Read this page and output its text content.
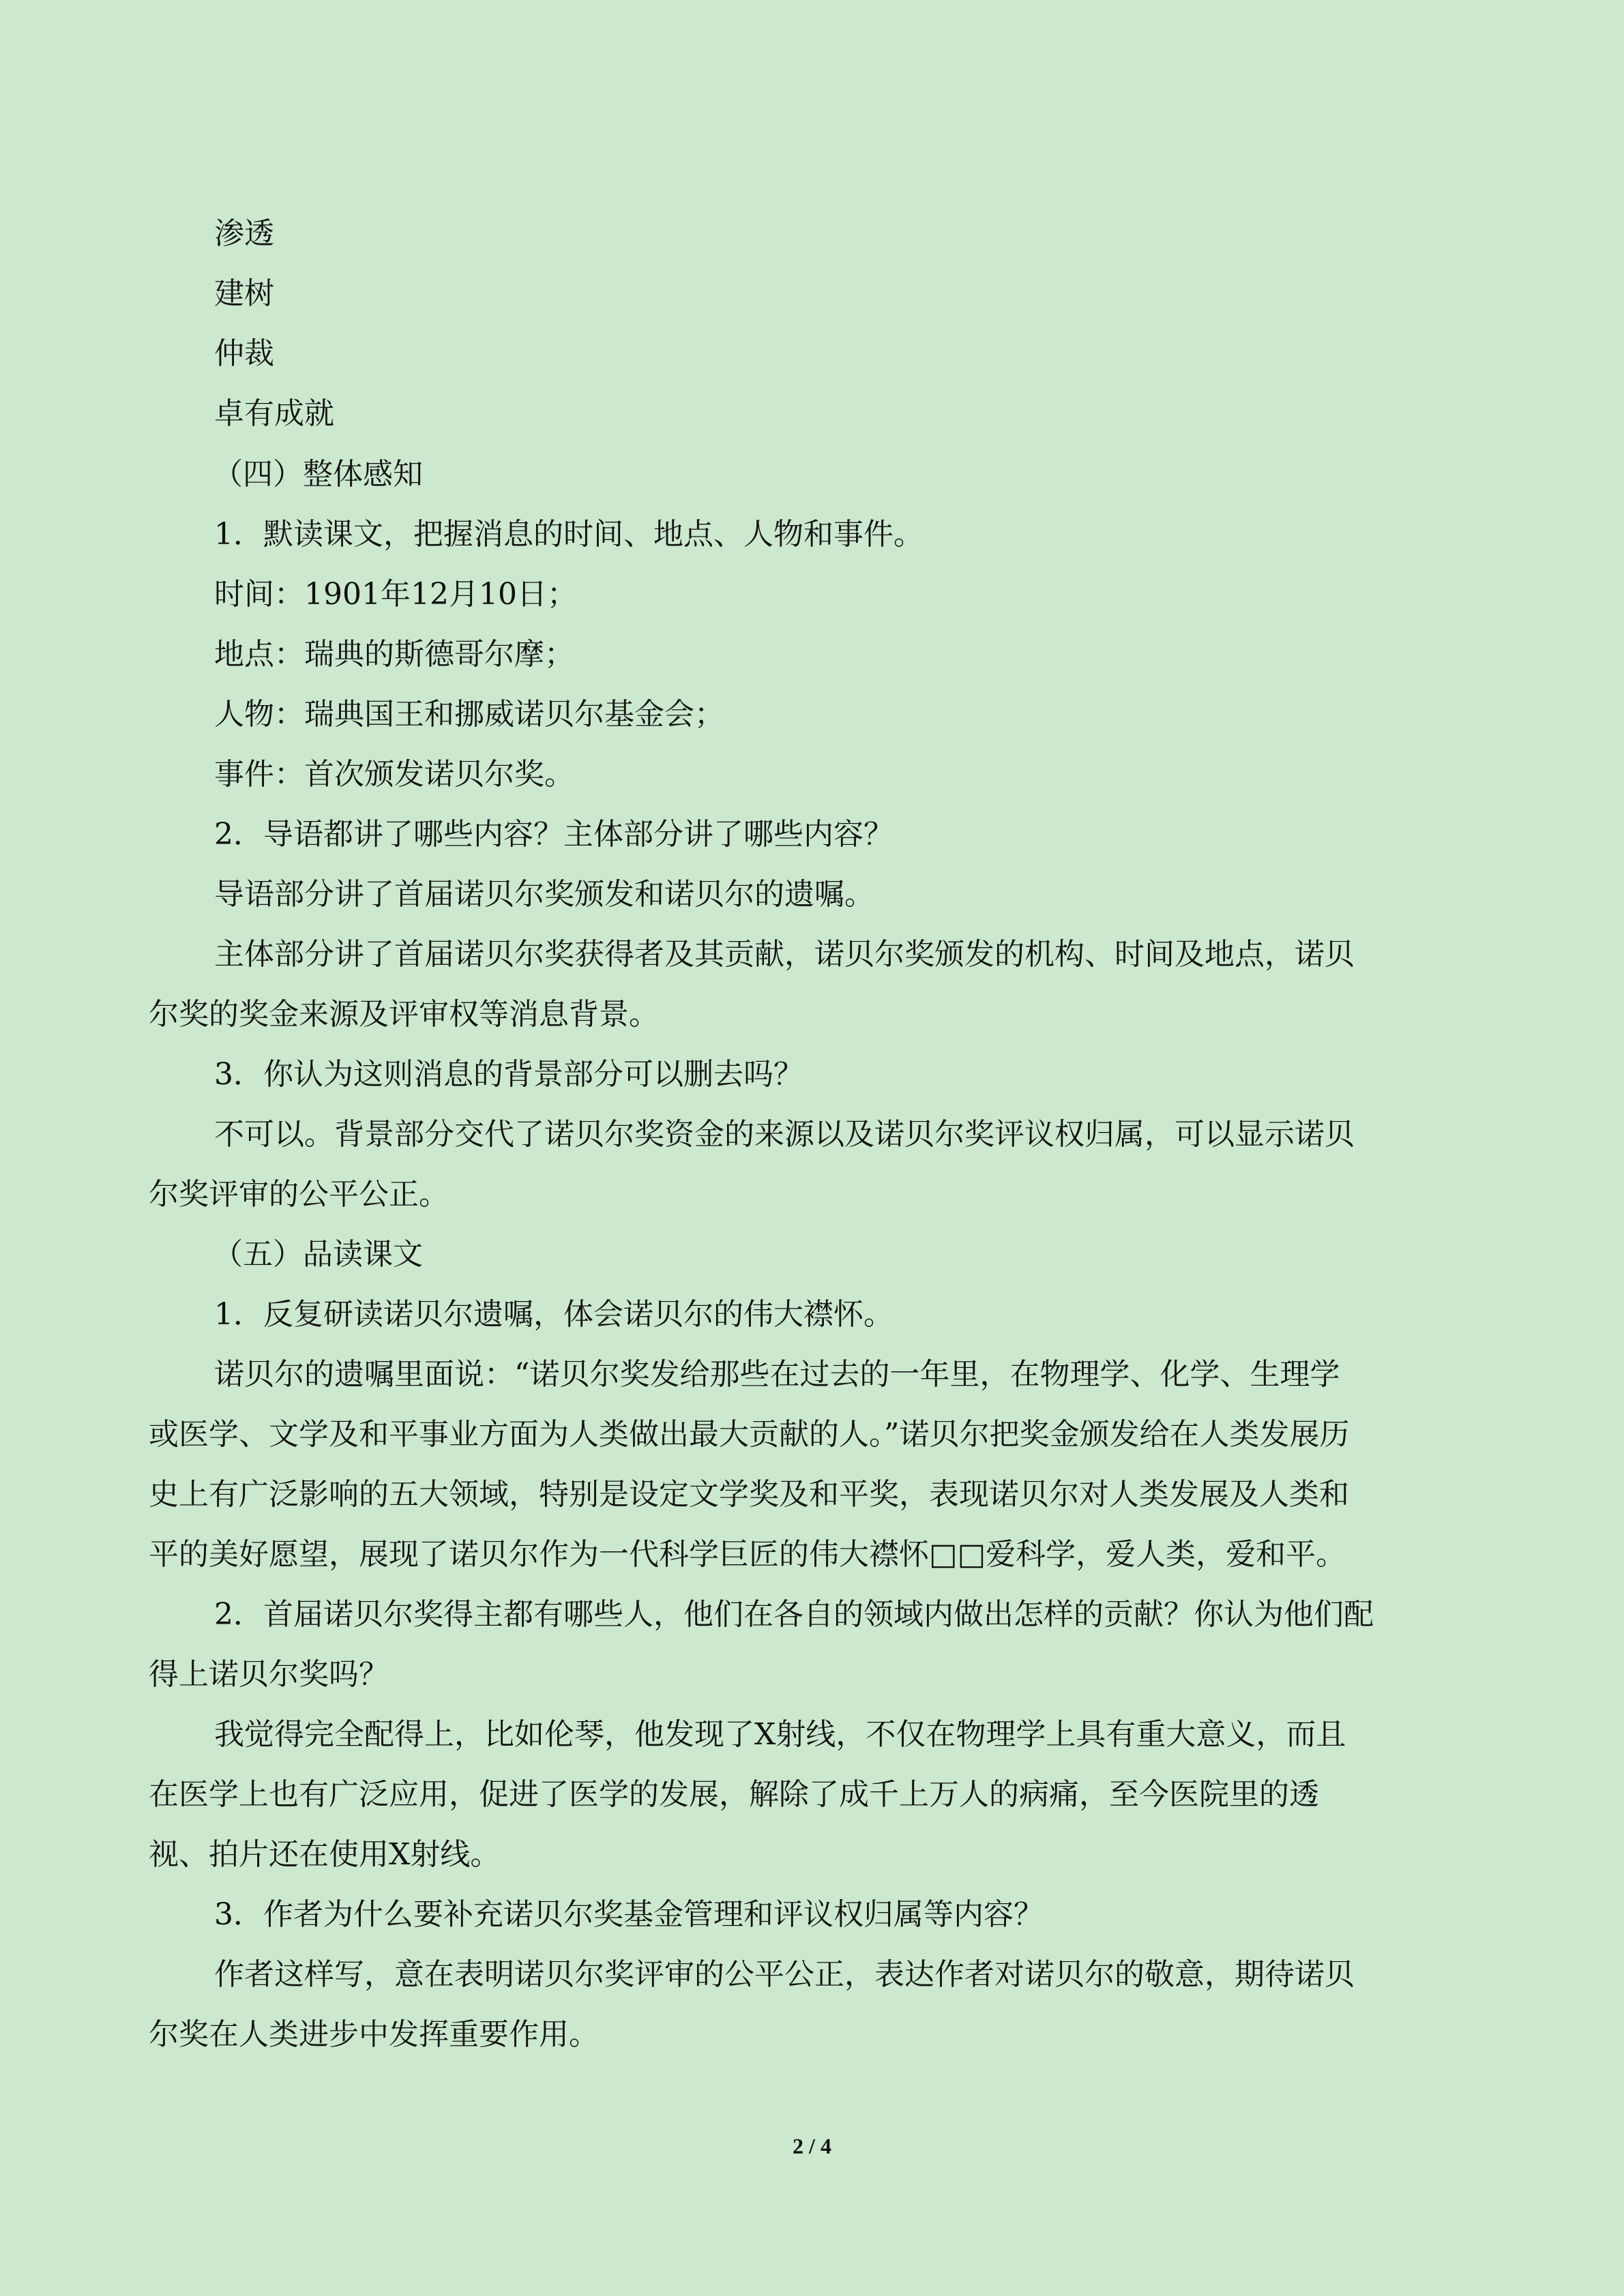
渗透
建树
仲裁
卓有成就
（四）整体感知
1．默读课文，把握消息的时间、地点、人物和事件。
时间：1901年12月10日；
地点：瑞典的斯德哥尔摩；
人物：瑞典国王和挪威诺贝尔基金会；
事件：首次颁发诺贝尔奖。
2．导语都讲了哪些内容？主体部分讲了哪些内容？
导语部分讲了首届诺贝尔奖颁发和诺贝尔的遗嘱。
主体部分讲了首届诺贝尔奖获得者及其贡献，诺贝尔奖颁发的机构、时间及地点，诺贝
尔奖的奖金来源及评审权等消息背景。
3．你认为这则消息的背景部分可以删去吗？
不可以。背景部分交代了诺贝尔奖资金的来源以及诺贝尔奖评议权归属，可以显示诺贝
尔奖评审的公平公正。
（五）品读课文
1．反复研读诺贝尔遗嘱，体会诺贝尔的伟大襟怀。
诺贝尔的遗嘱里面说：“诺贝尔奖发给那些在过去的一年里，在物理学、化学、生理学
或医学、文学及和平事业方面为人类做出最大贡献的人。”诺贝尔把奖金颁发给在人类发展历
史上有广泛影响的五大领域，特别是设定文学奖及和平奖，表现诺贝尔对人类发展及人类和
平的美好愿望，展现了诺贝尔作为一代科学巨匠的伟大襟怀□□爱科学，爱人类，爱和平。
2．首届诺贝尔奖得主都有哪些人，他们在各自的领域内做出怎样的贡献？你认为他们配
得上诺贝尔奖吗？
我觉得完全配得上，比如伦琴，他发现了X射线，不仅在物理学上具有重大意义，而且
在医学上也有广泛应用，促进了医学的发展，解除了成千上万人的病痛，至今医院里的透
视、拍片还在使用X射线。
3．作者为什么要补充诺贝尔奖基金管理和评议权归属等内容？
作者这样写，意在表明诺贝尔奖评审的公平公正，表达作者对诺贝尔的敬意，期待诺贝
尔奖在人类进步中发挥重要作用。
2 / 4
